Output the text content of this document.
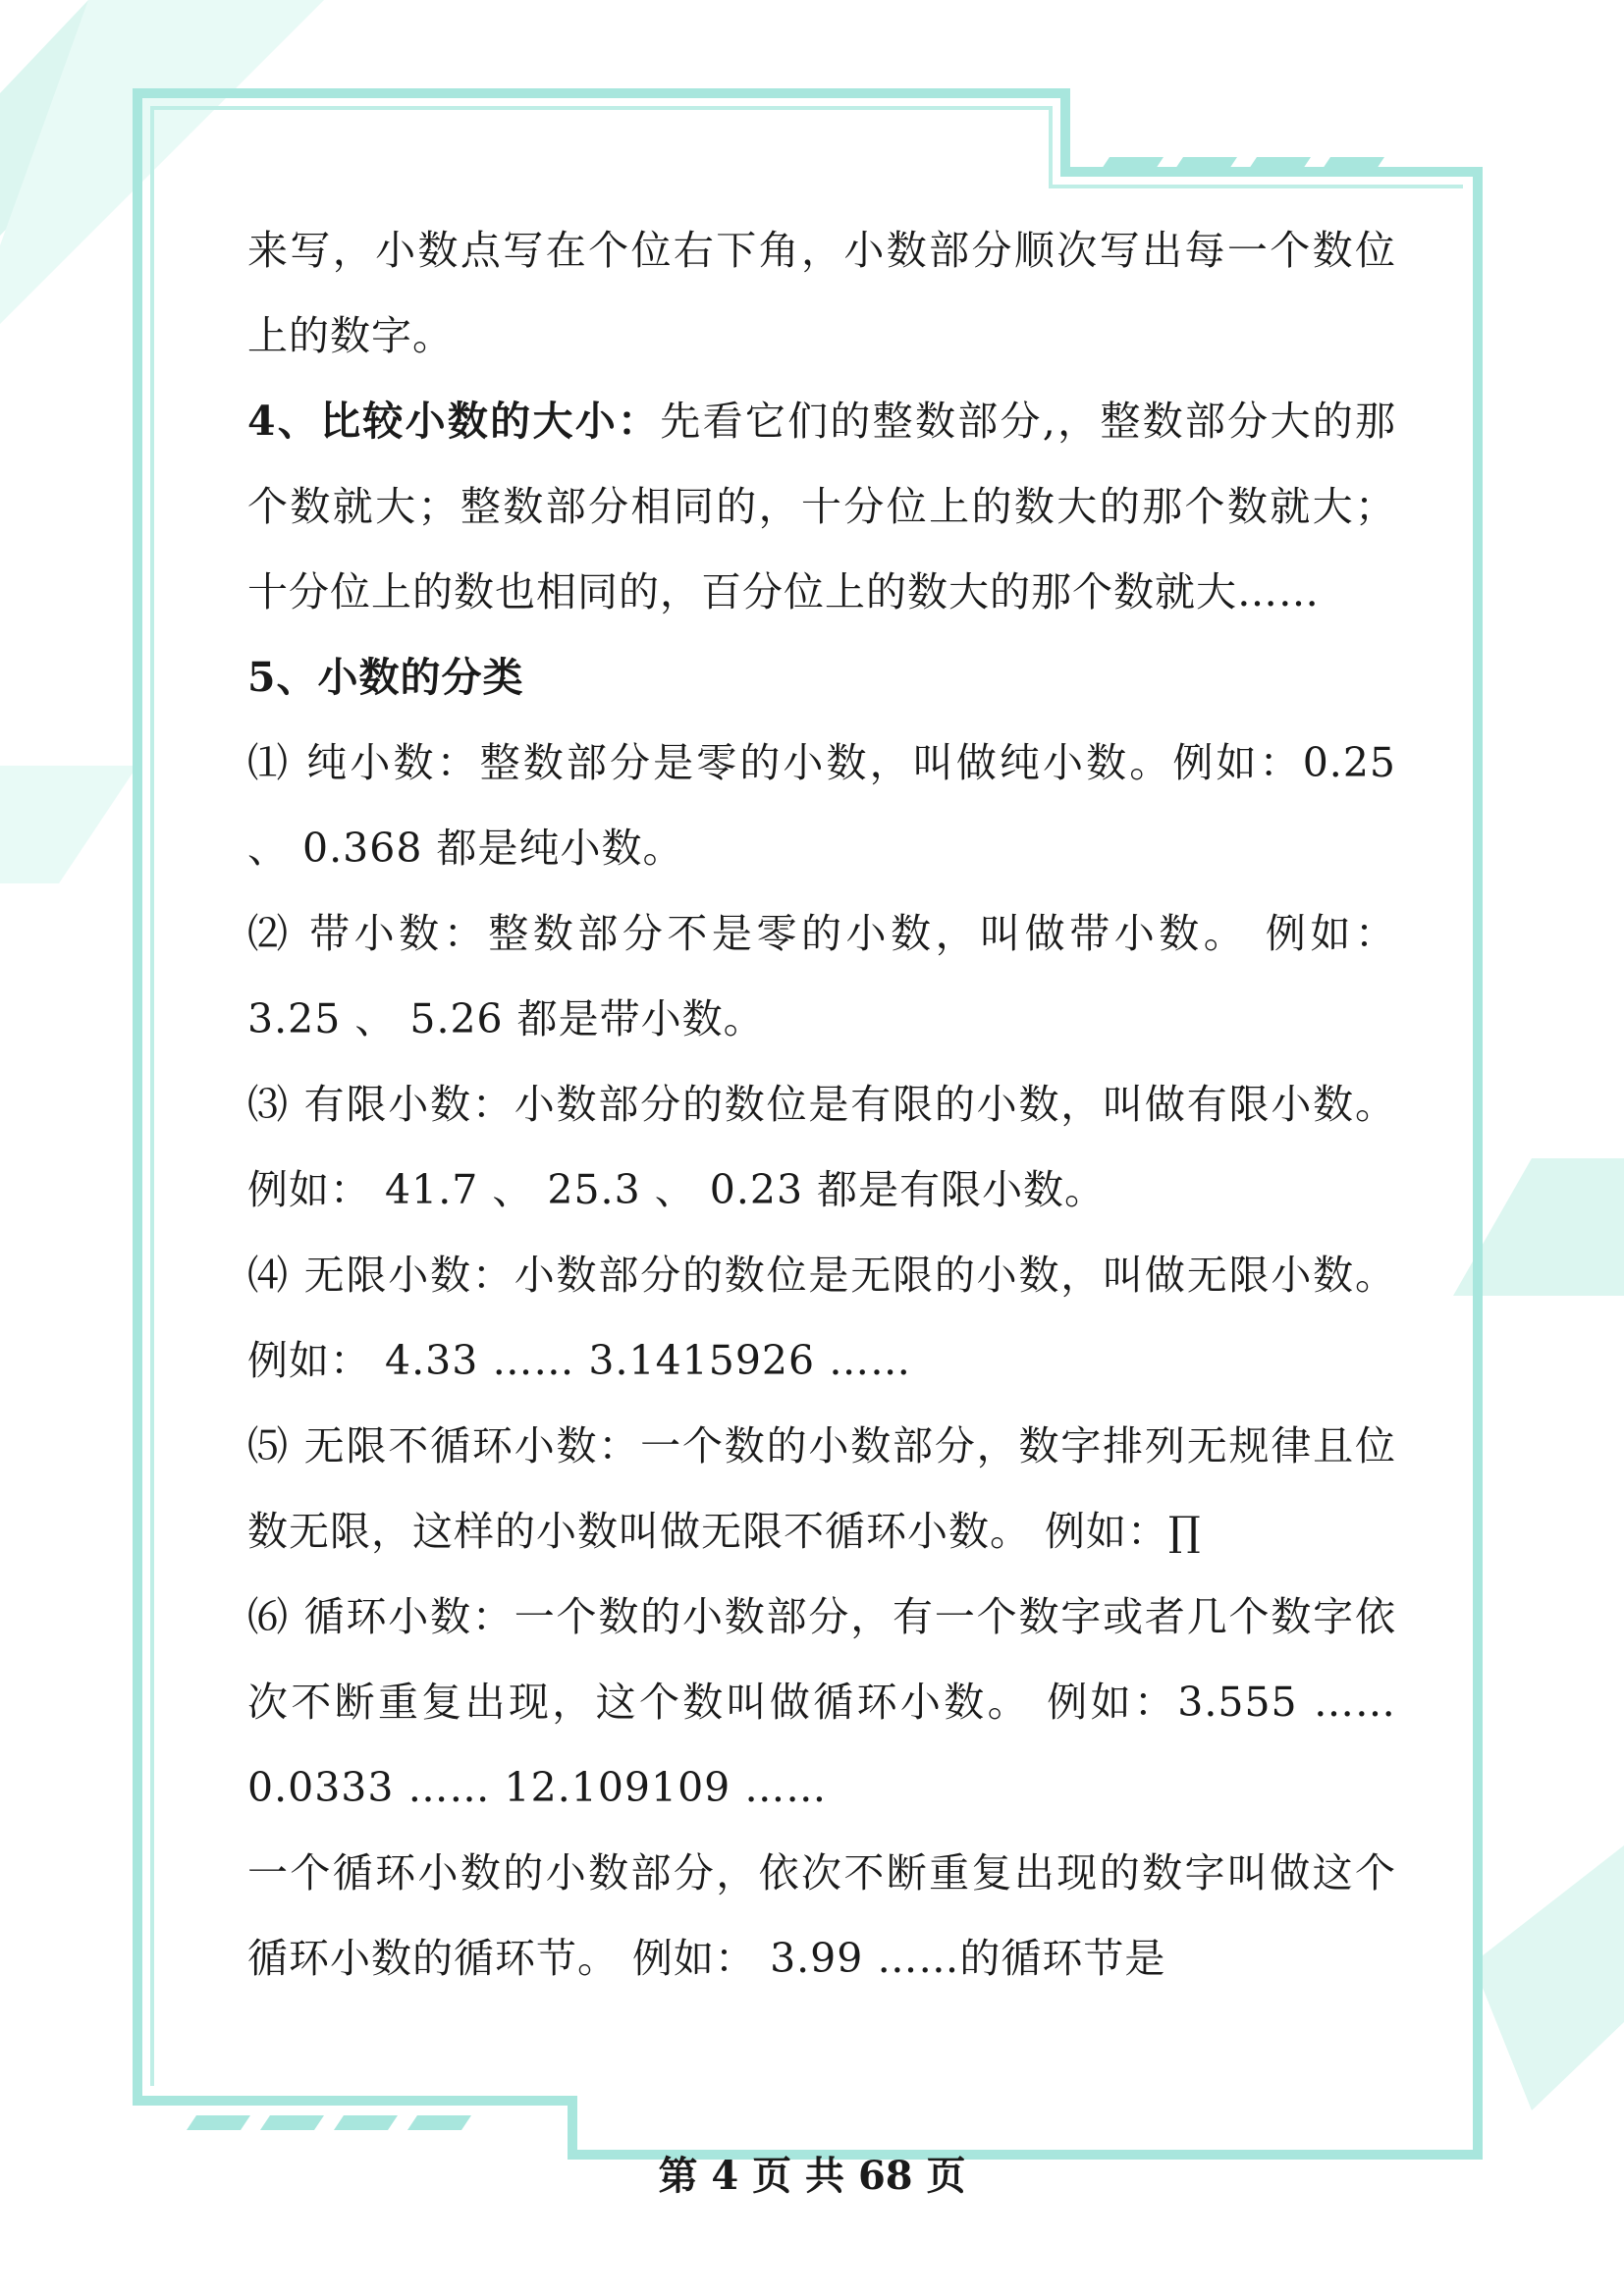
来写，小数点写在个位右下角，小数部分顺次写出每一个数位上的数字。

4、比较小数的大小：先看它们的整数部分,，整数部分大的那个数就大；整数部分相同的，十分位上的数大的那个数就大；十分位上的数也相同的，百分位上的数大的那个数就大……

5、小数的分类

⑴ 纯小数：整数部分是零的小数，叫做纯小数。例如：0.25 、 0.368 都是纯小数。

⑵ 带小数：整数部分不是零的小数，叫做带小数。 例如：3.25 、 5.26 都是带小数。

⑶ 有限小数：小数部分的数位是有限的小数，叫做有限小数。 例如： 41.7 、 25.3 、 0.23 都是有限小数。

⑷ 无限小数：小数部分的数位是无限的小数，叫做无限小数。 例如： 4.33 …… 3.1415926 ……

⑸ 无限不循环小数：一个数的小数部分，数字排列无规律且位数无限，这样的小数叫做无限不循环小数。 例如：∏

⑹ 循环小数：一个数的小数部分，有一个数字或者几个数字依次不断重复出现，这个数叫做循环小数。 例如：3.555 …… 0.0333 …… 12.109109 ……

一个循环小数的小数部分，依次不断重复出现的数字叫做这个循环小数的循环节。 例如： 3.99 ……的循环节是

第 4 页 共 68 页
